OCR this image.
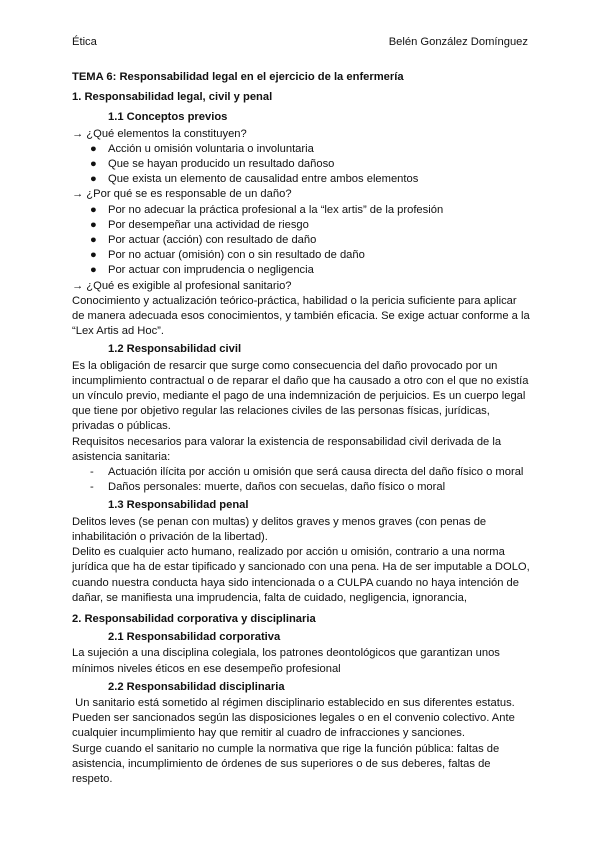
Ética	Belén González Domínguez
TEMA 6: Responsabilidad legal en el ejercicio de la enfermería
1. Responsabilidad legal, civil y penal
1.1 Conceptos previos
→ ¿Qué elementos la constituyen?
● Acción u omisión voluntaria o involuntaria
● Que se hayan producido un resultado dañoso
● Que exista un elemento de causalidad entre ambos elementos
→ ¿Por qué se es responsable de un daño?
● Por no adecuar la práctica profesional a la “lex artis” de la profesión
● Por desempeñar una actividad de riesgo
● Por actuar (acción) con resultado de daño
● Por no actuar (omisión) con o sin resultado de daño
● Por actuar con imprudencia o negligencia
→ ¿Qué es exigible al profesional sanitario?

Conocimiento y actualización teórico-práctica, habilidad o la pericia suficiente para aplicar de manera adecuada esos conocimientos, y también eficacia. Se exige actuar conforme a la “Lex Artis ad Hoc”.

1.2 Responsabilidad civil

Es la obligación de resarcir que surge como consecuencia del daño provocado por un incumplimiento contractual o de reparar el daño que ha causado a otro con el que no existía un vínculo previo, mediante el pago de una indemnización de perjuicios. Es un cuerpo legal que tiene por objetivo regular las relaciones civiles de las personas físicas, jurídicas, privadas o públicas.

Requisitos necesarios para valorar la existencia de responsabilidad civil derivada de la asistencia sanitaria:

- Actuación ilícita por acción u omisión que será causa directa del daño físico o moral
- Daños personales: muerte, daños con secuelas, daño físico o moral
1.3 Responsabilidad penal

Delitos leves (se penan con multas) y delitos graves y menos graves (con penas de inhabilitación o privación de la libertad).

Delito es cualquier acto humano, realizado por acción u omisión, contrario a una norma jurídica que ha de estar tipificado y sancionado con una pena. Ha de ser imputable a DOLO, cuando nuestra conducta haya sido intencionada o a CULPA cuando no haya intención de dañar, se manifiesta una imprudencia, falta de cuidado, negligencia, ignorancia,

2. Responsabilidad corporativa y disciplinaria
2.1 Responsabilidad corporativa

La sujeción a una disciplina colegiala, los patrones deontológicos que garantizan unos mínimos niveles éticos en ese desempeño profesional

2.2 Responsabilidad disciplinaria

Un sanitario está sometido al régimen disciplinario establecido en sus diferentes estatus. Pueden ser sancionados según las disposiciones legales o en el convenio colectivo. Ante cualquier incumplimiento hay que remitir al cuadro de infracciones y sanciones.

Surge cuando el sanitario no cumple la normativa que rige la función pública: faltas de asistencia, incumplimiento de órdenes de sus superiores o de sus deberes, faltas de respeto.
